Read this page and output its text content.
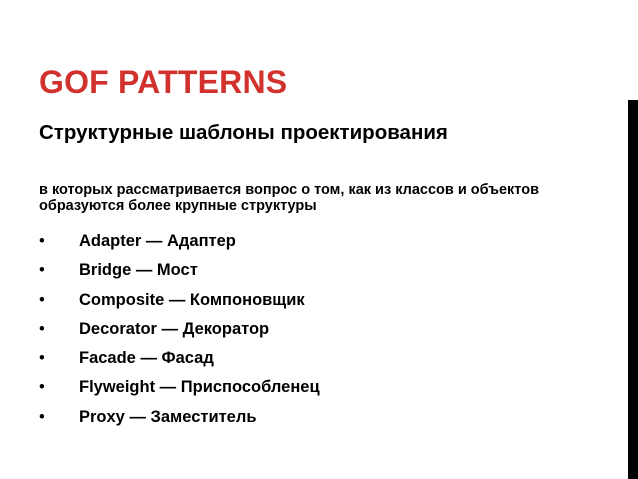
GOF PATTERNS
Структурные шаблоны проектирования

в которых рассматривается вопрос о том, как из классов и объектов образуются более крупные структуры

• Adapter — Адаптер
• Bridge — Мост
• Composite — Компоновщик
• Decorator — Декоратор
• Facade — Фасад
• Flyweight — Приспособленец
• Proxy — Заместитель
